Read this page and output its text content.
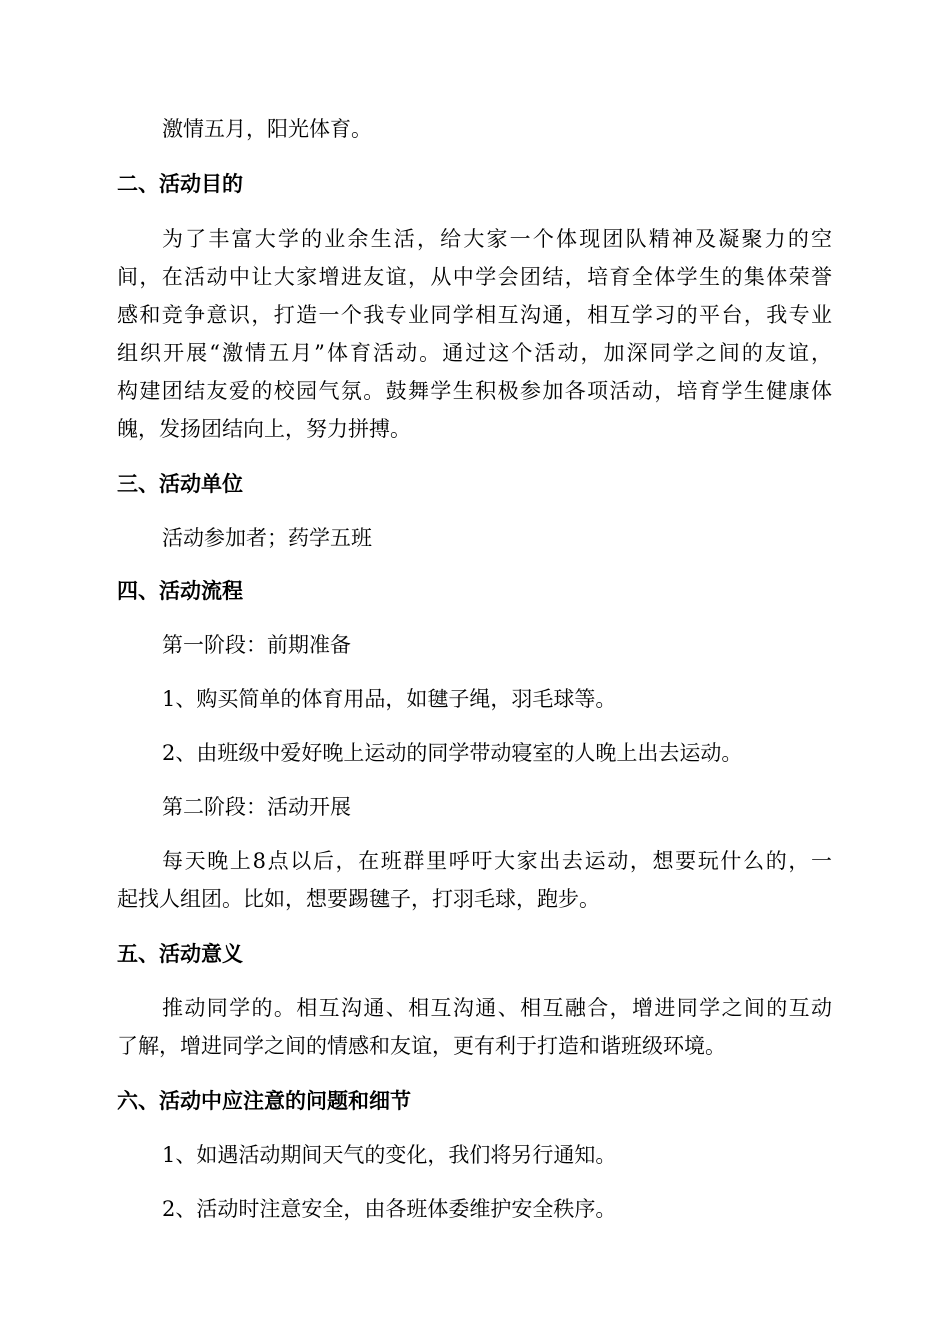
激情五月，阳光体育。
二、活动目的
为了丰富大学的业余生活，给大家一个体现团队精神及凝聚力的空
间，在活动中让大家增进友谊，从中学会团结，培育全体学生的集体荣誉
感和竞争意识，打造一个我专业同学相互沟通，相互学习的平台，我专业
组织开展“激情五月”体育活动。通过这个活动，加深同学之间的友谊，
构建团结友爱的校园气氛。鼓舞学生积极参加各项活动，培育学生健康体
魄，发扬团结向上，努力拼搏。
三、活动单位
活动参加者；药学五班
四、活动流程
第一阶段：前期准备
1、购买简单的体育用品，如毽子绳，羽毛球等。
2、由班级中爱好晚上运动的同学带动寝室的人晚上出去运动。
第二阶段：活动开展
每天晚上8点以后，在班群里呼吁大家出去运动，想要玩什么的，一
起找人组团。比如，想要踢毽子，打羽毛球，跑步。
五、活动意义
推动同学的。相互沟通、相互沟通、相互融合，增进同学之间的互动
了解，增进同学之间的情感和友谊，更有利于打造和谐班级环境。
六、活动中应注意的问题和细节
1、如遇活动期间天气的变化，我们将另行通知。
2、活动时注意安全，由各班体委维护安全秩序。
